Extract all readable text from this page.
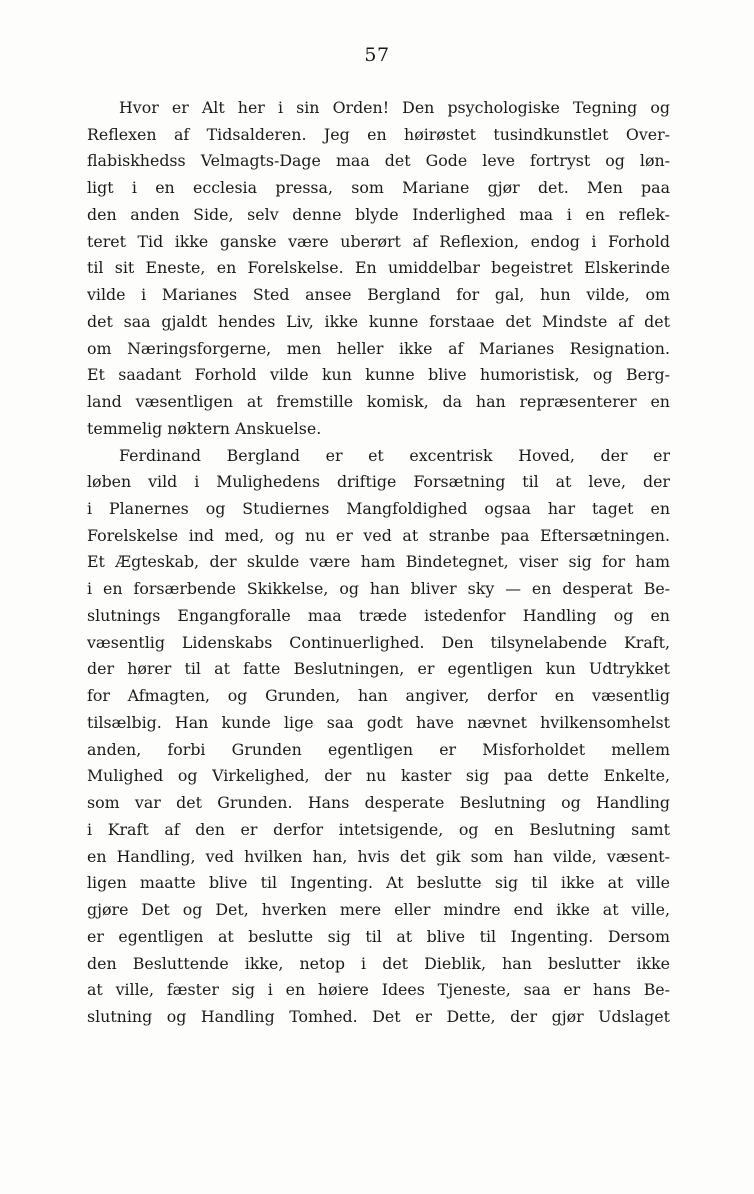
57
Hvor er Alt her i sin Orden! Den psychologiske Tegning og
Reflexen af Tidsalderen. Jeg en høirøstet tusindkunstlet Over-
flabiskhedss Velmagts-Dage maa det Gode leve fortryst og løn-
ligt i en ecclesia pressa, som Mariane gjør det. Men paa
den anden Side, selv denne blyde Inderlighed maa i en reflek-
teret Tid ikke ganske være uberørt af Reflexion, endog i Forhold
til sit Eneste, en Forelskelse. En umiddelbar begeistret Elskerinde
vilde i Marianes Sted ansee Bergland for gal, hun vilde, om
det saa gjaldt hendes Liv, ikke kunne forstaae det Mindste af det
om Næringsforgerne, men heller ikke af Marianes Resignation.
Et saadant Forhold vilde kun kunne blive humoristisk, og Berg-
land væsentligen at fremstille komisk, da han repræsenterer en
temmelig nøktern Anskuelse.
Ferdinand Bergland er et excentrisk Hoved, der er
løben vild i Mulighedens driftige Forsætning til at leve, der
i Planernes og Studiernes Mangfoldighed ogsaa har taget en
Forelskelse ind med, og nu er ved at stranbe paa Eftersætningen.
Et Ægteskab, der skulde være ham Bindetegnet, viser sig for ham
i en forsærbende Skikkelse, og han bliver sky — en desperat Be-
slutnings Engangforalle maa træde istedenfor Handling og en
væsentlig Lidenskabs Continuerlighed. Den tilsynelabende Kraft,
der hører til at fatte Beslutningen, er egentligen kun Udtrykket
for Afmagten, og Grunden, han angiver, derfor en væsentlig
tilsælbig. Han kunde lige saa godt have nævnet hvilkensomhelst
anden, forbi Grunden egentligen er Misforholdet mellem
Mulighed og Virkelighed, der nu kaster sig paa dette Enkelte,
som var det Grunden. Hans desperate Beslutning og Handling
i Kraft af den er derfor intetsigende, og en Beslutning samt
en Handling, ved hvilken han, hvis det gik som han vilde, væsent-
ligen maatte blive til Ingenting. At beslutte sig til ikke at ville
gjøre Det og Det, hverken mere eller mindre end ikke at ville,
er egentligen at beslutte sig til at blive til Ingenting. Dersom
den Besluttende ikke, netop i det Dieblik, han beslutter ikke
at ville, fæster sig i en høiere Idees Tjeneste, saa er hans Be-
slutning og Handling Tomhed. Det er Dette, der gjør Udslaget
